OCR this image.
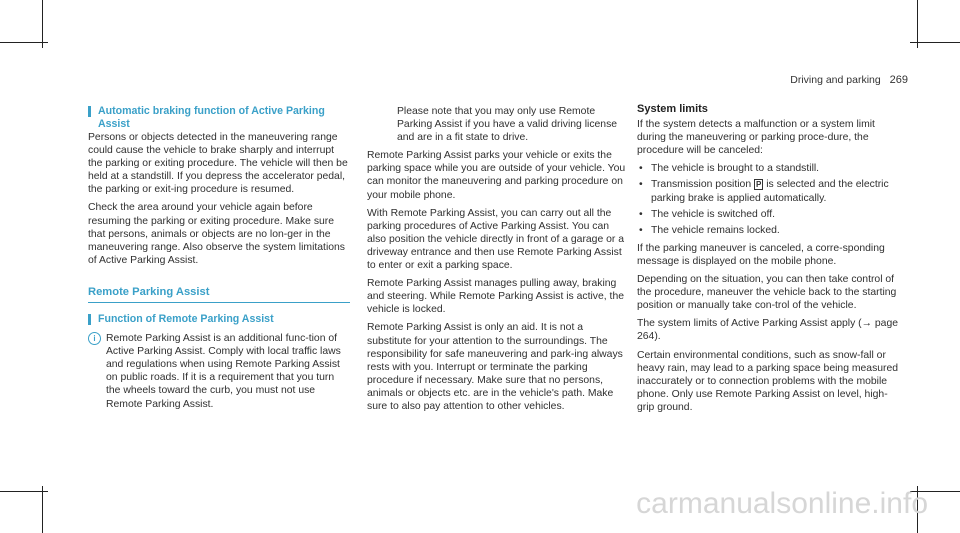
Driving and parking 269
Automatic braking function of Active Parking Assist

Persons or objects detected in the maneuvering range could cause the vehicle to brake sharply and interrupt the parking or exiting procedure. The vehicle will then be held at a standstill. If you depress the accelerator pedal, the parking or exit-ing procedure is resumed.

Check the area around your vehicle again before resuming the parking or exiting procedure. Make sure that persons, animals or objects are no lon-ger in the maneuvering range. Also observe the system limitations of Active Parking Assist.

Remote Parking Assist
Function of Remote Parking Assist
i Remote Parking Assist is an additional func-tion of Active Parking Assist. Comply with local traffic laws and regulations when using Remote Parking Assist on public roads. If it is a requirement that you turn the wheels toward the curb, you must not use Remote Parking Assist.

Please note that you may only use Remote Parking Assist if you have a valid driving license and are in a fit state to drive.

Remote Parking Assist parks your vehicle or exits the parking space while you are outside of your vehicle. You can monitor the maneuvering and parking procedure on your mobile phone.

With Remote Parking Assist, you can carry out all the parking procedures of Active Parking Assist. You can also position the vehicle directly in front of a garage or a driveway entrance and then use Remote Parking Assist to enter or exit a parking space.

Remote Parking Assist manages pulling away, braking and steering. While Remote Parking Assist is active, the vehicle is locked.

Remote Parking Assist is only an aid. It is not a substitute for your attention to the surroundings. The responsibility for safe maneuvering and park-ing always rests with you. Interrupt or terminate the parking procedure if necessary. Make sure that no persons, animals or objects etc. are in the vehicle's path. Make sure to also pay attention to other vehicles.

System limits

If the system detects a malfunction or a system limit during the maneuvering or parking proce-dure, the procedure will be canceled:

• The vehicle is brought to a standstill.
• Transmission position P is selected and the electric parking brake is applied automatically.
• The vehicle is switched off.
• The vehicle remains locked.

If the parking maneuver is canceled, a corre-sponding message is displayed on the mobile phone.

Depending on the situation, you can then take control of the procedure, maneuver the vehicle back to the starting position or manually take con-trol of the vehicle.

The system limits of Active Parking Assist apply (→ page 264).

Certain environmental conditions, such as snow-fall or heavy rain, may lead to a parking space being measured inaccurately or to connection problems with the mobile phone. Only use Remote Parking Assist on level, high-grip ground.

carmanualsonline.info
